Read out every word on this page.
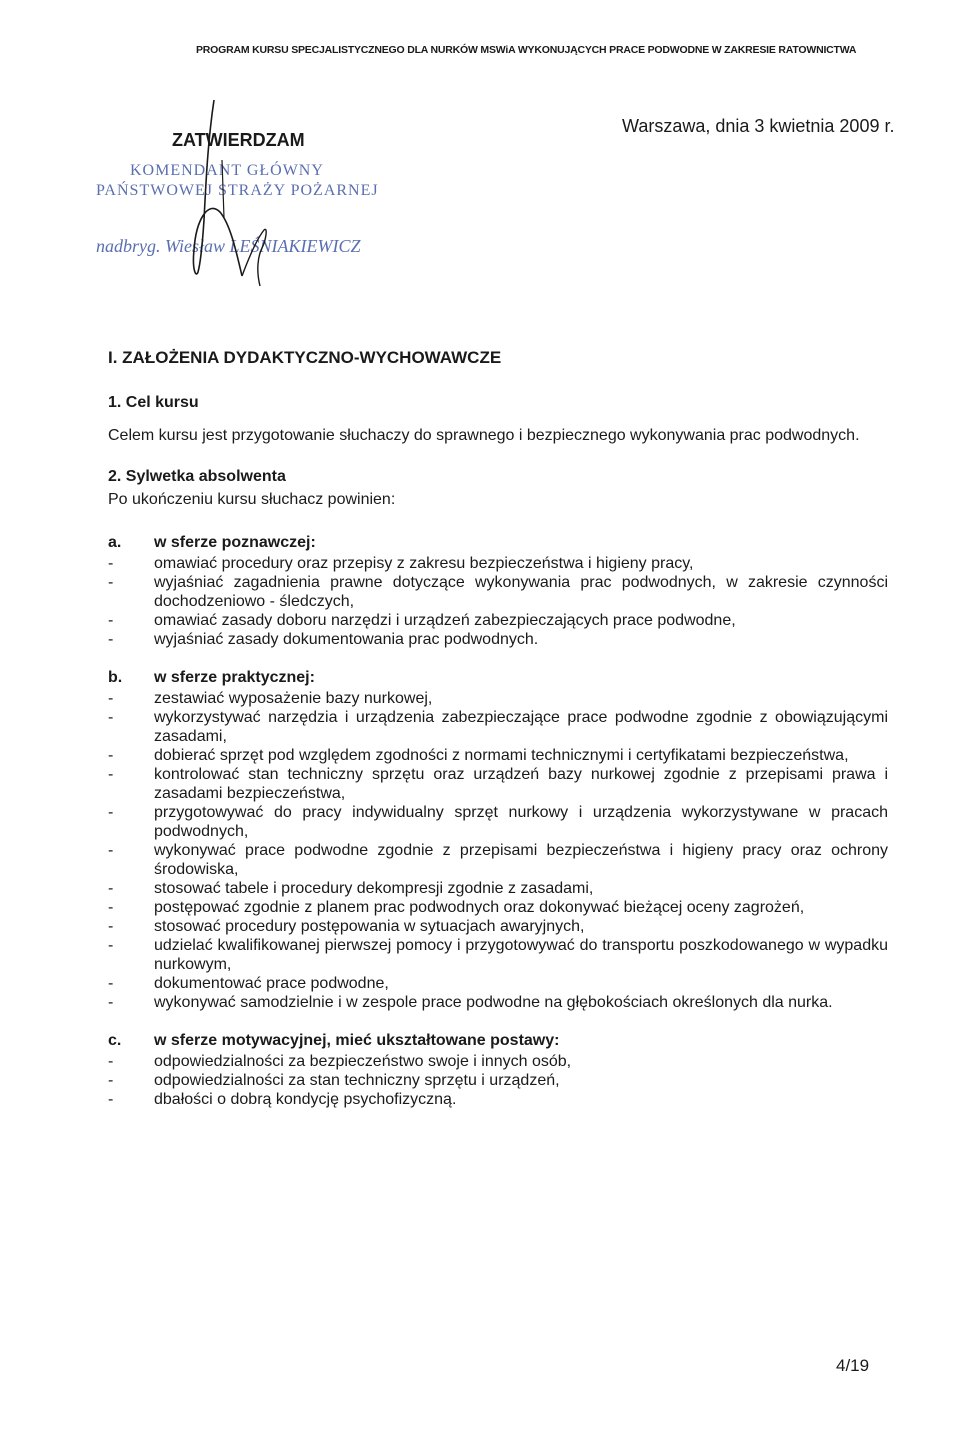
PROGRAM KURSU SPECJALISTYCZNEGO DLA NURKÓW MSWiA WYKONUJĄCYCH PRACE PODWODNE W ZAKRESIE RATOWNICTWA
Warszawa, dnia 3 kwietnia 2009 r.
ZATWIERDZAM
KOMENDANT GŁÓWNY
PAŃSTWOWEJ STRAŻY POŻARNEJ
nadbryg. Wiesław LEŚNIAKIEWICZ
I. ZAŁOŻENIA DYDAKTYCZNO-WYCHOWAWCZE
1. Cel kursu
Celem kursu jest przygotowanie słuchaczy do sprawnego i bezpiecznego wykonywania prac podwodnych.
2. Sylwetka absolwenta
Po ukończeniu kursu słuchacz powinien:
a.	w sferze poznawczej:
- omawiać procedury oraz przepisy z zakresu bezpieczeństwa i higieny pracy,
- wyjaśniać zagadnienia prawne dotyczące wykonywania prac podwodnych, w zakresie czynności dochodzeniowo - śledczych,
- omawiać zasady doboru narzędzi i urządzeń zabezpieczających prace podwodne,
- wyjaśniać zasady dokumentowania prac podwodnych.
b.	w sferze praktycznej:
- zestawiać wyposażenie bazy nurkowej,
- wykorzystywać narzędzia i urządzenia zabezpieczające prace podwodne zgodnie z obowiązującymi zasadami,
- dobierać sprzęt pod względem zgodności z normami technicznymi i certyfikatami bezpieczeństwa,
- kontrolować stan techniczny sprzętu oraz urządzeń bazy nurkowej zgodnie z przepisami prawa i zasadami bezpieczeństwa,
- przygotowywać do pracy indywidualny sprzęt nurkowy i urządzenia wykorzystywane w pracach podwodnych,
- wykonywać prace podwodne zgodnie z przepisami bezpieczeństwa i higieny pracy oraz ochrony środowiska,
- stosować tabele i procedury dekompresji zgodnie z zasadami,
- postępować zgodnie z planem prac podwodnych oraz dokonywać bieżącej oceny zagrożeń,
- stosować procedury postępowania w sytuacjach awaryjnych,
- udzielać kwalifikowanej pierwszej pomocy i przygotowywać do transportu poszkodowanego w wypadku nurkowym,
- dokumentować prace podwodne,
- wykonywać samodzielnie i w zespole prace podwodne na głębokościach określonych dla nurka.
c.	w sferze motywacyjnej, mieć ukształtowane postawy:
- odpowiedzialności za bezpieczeństwo swoje i innych osób,
- odpowiedzialności za stan techniczny sprzętu i urządzeń,
- dbałości o dobrą kondycję psychofizyczną.
4/19
